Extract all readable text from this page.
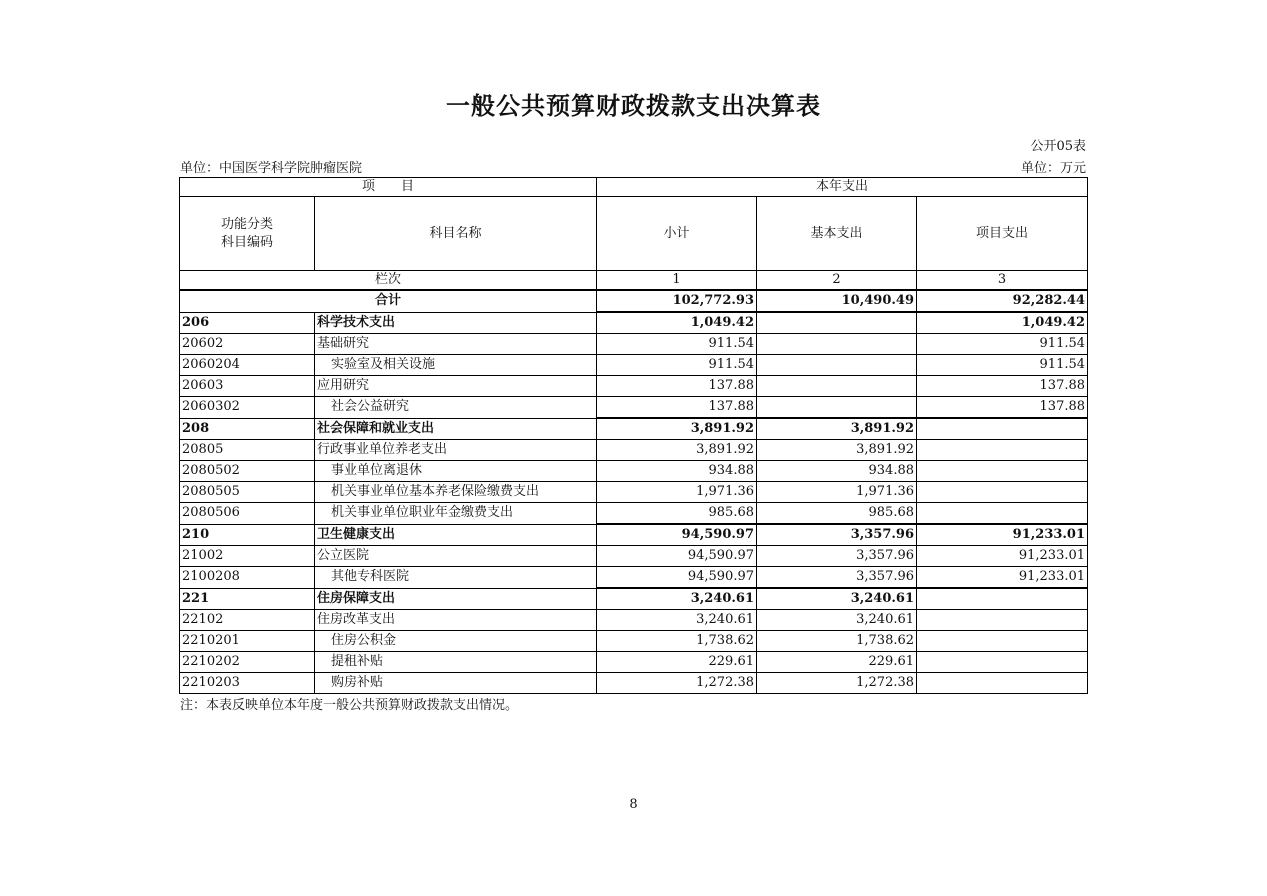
一般公共预算财政拨款支出决算表
公开05表
单位：中国医学科学院肿瘤医院	单位：万元
项　　目		本年支出		

功能分类
科目编码	科目名称	小计	基本支出	项目支出
栏次		1	2	3
合计		102,772.93	10,490.49	92,282.44
206	科学技术支出	1,049.42		1,049.42
20602	基础研究	911.54		911.54
2060204	实验室及相关设施	911.54		911.54
20603	应用研究	137.88		137.88
2060302	社会公益研究	137.88		137.88
208	社会保障和就业支出	3,891.92	3,891.92	
20805	行政事业单位养老支出	3,891.92	3,891.92	
2080502	事业单位离退休	934.88	934.88	
2080505	机关事业单位基本养老保险缴费支出	1,971.36	1,971.36	
2080506	机关事业单位职业年金缴费支出	985.68	985.68	
210	卫生健康支出	94,590.97	3,357.96	91,233.01
21002	公立医院	94,590.97	3,357.96	91,233.01
2100208	其他专科医院	94,590.97	3,357.96	91,233.01
221	住房保障支出	3,240.61	3,240.61	
22102	住房改革支出	3,240.61	3,240.61	
2210201	住房公积金	1,738.62	1,738.62	
2210202	提租补贴	229.61	229.61	
2210203	购房补贴	1,272.38	1,272.38	
注：本表反映单位本年度一般公共预算财政拨款支出情况。
8
